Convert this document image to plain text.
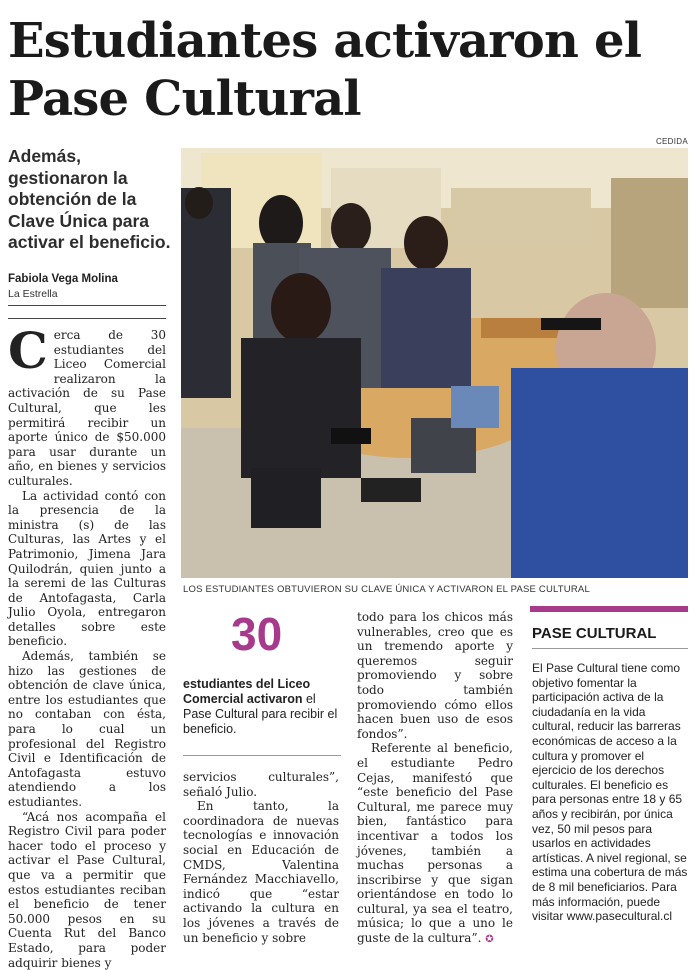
Estudiantes activaron el Pase Cultural
CEDIDA

Además, gestionaron la obtención de la Clave Única para activar el beneficio.

Fabiola Vega Molina
La Estrella
LOS ESTUDIANTES OBTUVIERON SU CLAVE ÚNICA Y ACTIVARON EL PASE CULTURAL

Cerca de 30 estudiantes del Liceo Comercial realizaron la activación de su Pase Cultural, que les permitirá recibir un aporte único de $50.000 para usar durante un año, en bienes y servicios culturales.

La actividad contó con la presencia de la ministra (s) de las Culturas, las Artes y el Patrimonio, Jimena Jara Quilodrán, quien junto a la seremi de las Culturas de Antofagasta, Carla Julio Oyola, entregaron detalles sobre este beneficio.

Además, también se hizo las gestiones de obtención de clave única, entre los estudiantes que no contaban con ésta, para lo cual un profesional del Registro Civil e Identificación de Antofagasta estuvo atendiendo a los estudiantes.

“Acá nos acompaña el Registro Civil para poder hacer todo el proceso y activar el Pase Cultural, que va a permitir que estos estudiantes reciban el beneficio de tener 50.000 pesos en su Cuenta Rut del Banco Estado, para poder adquirir bienes y

30

estudiantes del Liceo Comercial activaron el Pase Cultural para recibir el beneficio.

servicios culturales”, señaló Julio.

En tanto, la coordinadora de nuevas tecnologías e innovación social en Educación de CMDS, Valentina Fernández Macchiavello, indicó que “estar activando la cultura en los jóvenes a través de un beneficio y sobre

todo para los chicos más vulnerables, creo que es un tremendo aporte y queremos seguir promoviendo y sobre todo también promoviendo cómo ellos hacen buen uso de esos fondos”.

Referente al beneficio, el estudiante Pedro Cejas, manifestó que “este beneficio del Pase Cultural, me parece muy bien, fantástico para incentivar a todos los jóvenes, también a muchas personas a inscribirse y que sigan orientándose en todo lo cultural, ya sea el teatro, música; lo que a uno le guste de la cultura”. ✪

PASE CULTURAL

El Pase Cultural tiene como objetivo fomentar la participación activa de la ciudadanía en la vida cultural, reducir las barreras económicas de acceso a la cultura y promover el ejercicio de los derechos culturales. El beneficio es para personas entre 18 y 65 años y recibirán, por única vez, 50 mil pesos para usarlos en actividades artísticas. A nivel regional, se estima una cobertura de más de 8 mil beneficiarios. Para más información, puede visitar www.pasecultural.cl
